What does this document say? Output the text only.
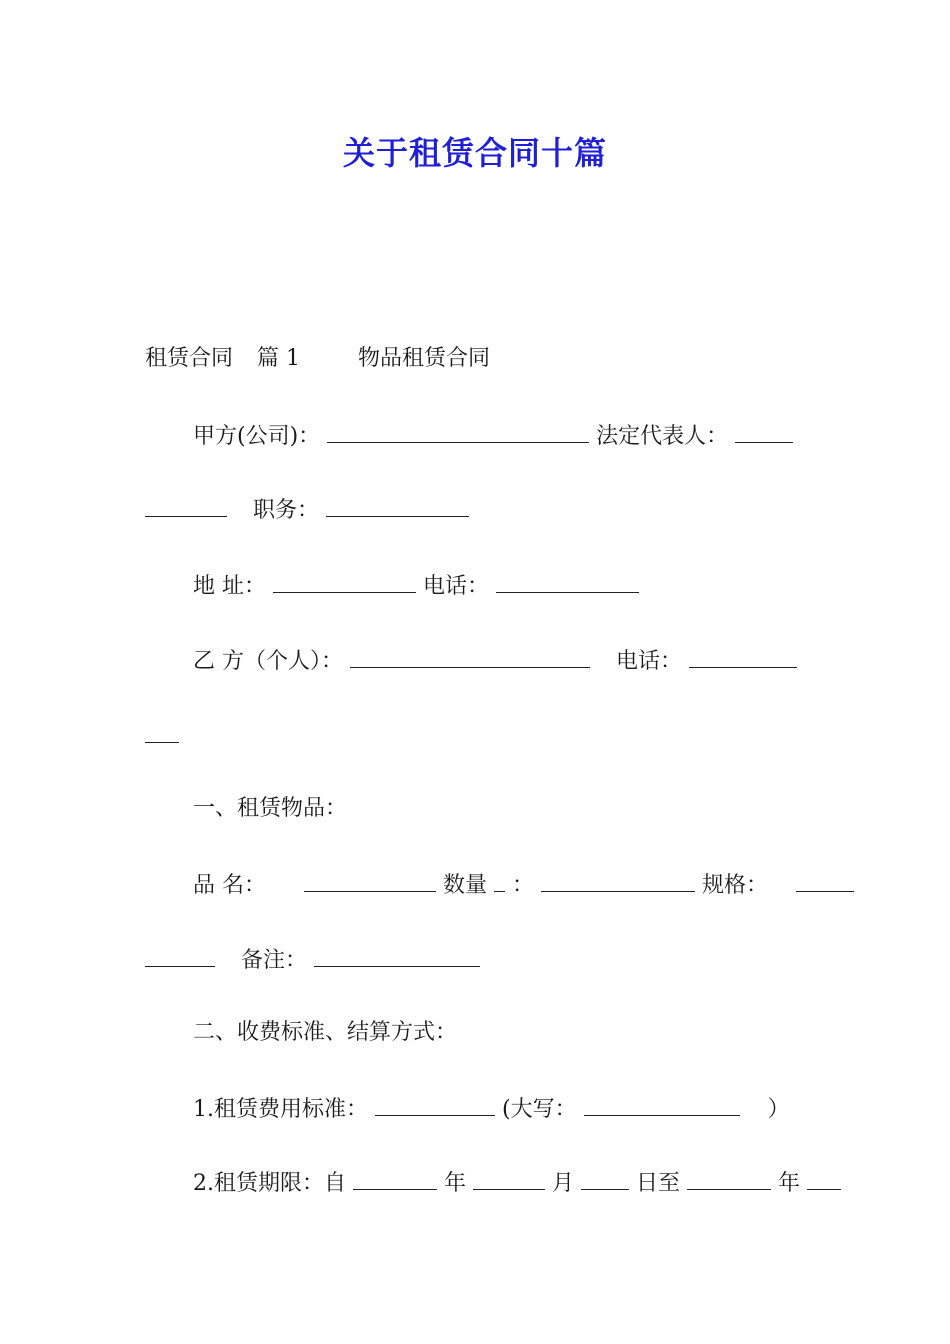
关于租赁合同十篇
租赁合同 篇 1	物品租赁合同
甲方(公司)：	法定代表人：
职务：
地 址：	电话：
乙 方（个人）：	电话：
一、租赁物品：
品 名：	数量 ：	规格：
备注：
二、收费标准、结算方式：
1.租赁费用标准：	(大写：	）
2.租赁期限：自	年	月	日至	年
